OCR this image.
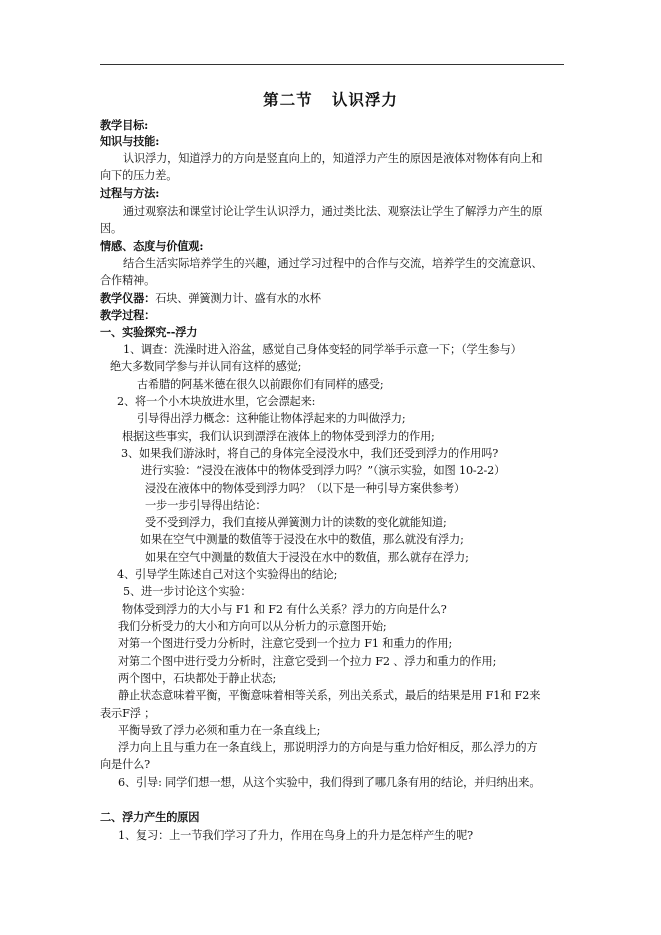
第二节   认识浮力
教学目标:
知识与技能:
认识浮力，知道浮力的方向是竖直向上的，知道浮力产生的原因是液体对物体有向上和
向下的压力差。
过程与方法:
通过观察法和课堂讨论让学生认识浮力，通过类比法、观察法让学生了解浮力产生的原
因。
情感、态度与价值观:
结合生活实际培养学生的兴趣，通过学习过程中的合作与交流，培养学生的交流意识、
合作精神。
教学仪器：石块、弹簧测力计、盛有水的水杯
教学过程：
一、实验探究--浮力
1、调查：洗澡时进入浴盆，感觉自己身体变轻的同学举手示意一下；（学生参与）
绝大多数同学参与并认同有这样的感觉;
古希腊的阿基米德在很久以前跟你们有同样的感受;
2、将一个小木块放进水里，它会漂起来:
引导得出浮力概念：这种能让物体浮起来的力叫做浮力;
根据这些事实，我们认识到漂浮在液体上的物体受到浮力的作用;
3、如果我们游泳时，将自己的身体完全浸没水中，我们还受到浮力的作用吗?
进行实验：“浸没在液体中的物体受到浮力吗？”（演示实验，如图 10-2-2）
浸没在液体中的物体受到浮力吗？（以下是一种引导方案供参考）
一步一步引导得出结论：
受不受到浮力，我们直接从弹簧测力计的读数的变化就能知道;
如果在空气中测量的数值等于浸没在水中的数值，那么就没有浮力;
如果在空气中测量的数值大于浸没在水中的数值，那么就存在浮力;
4、引导学生陈述自己对这个实验得出的结论;
5、进一步讨论这个实验：
物体受到浮力的大小与 F1 和 F2 有什么关系？浮力的方向是什么?
我们分析受力的大小和方向可以从分析力的示意图开始;
对第一个图进行受力分析时，注意它受到一个拉力 F1 和重力的作用;
对第二个图中进行受力分析时，注意它受到一个拉力 F2 、浮力和重力的作用;
两个图中，石块都处于静止状态;
静止状态意味着平衡，平衡意味着相等关系，列出关系式，最后的结果是用 F1和 F2来
表示F浮 ；
平衡导致了浮力必须和重力在一条直线上;
浮力向上且与重力在一条直线上，那说明浮力的方向是与重力恰好相反，那么浮力的方
向是什么?
6、引导: 同学们想一想，从这个实验中，我们得到了哪几条有用的结论，并归纳出来。
二、浮力产生的原因
1、复习：上一节我们学习了升力，作用在鸟身上的升力是怎样产生的呢?
